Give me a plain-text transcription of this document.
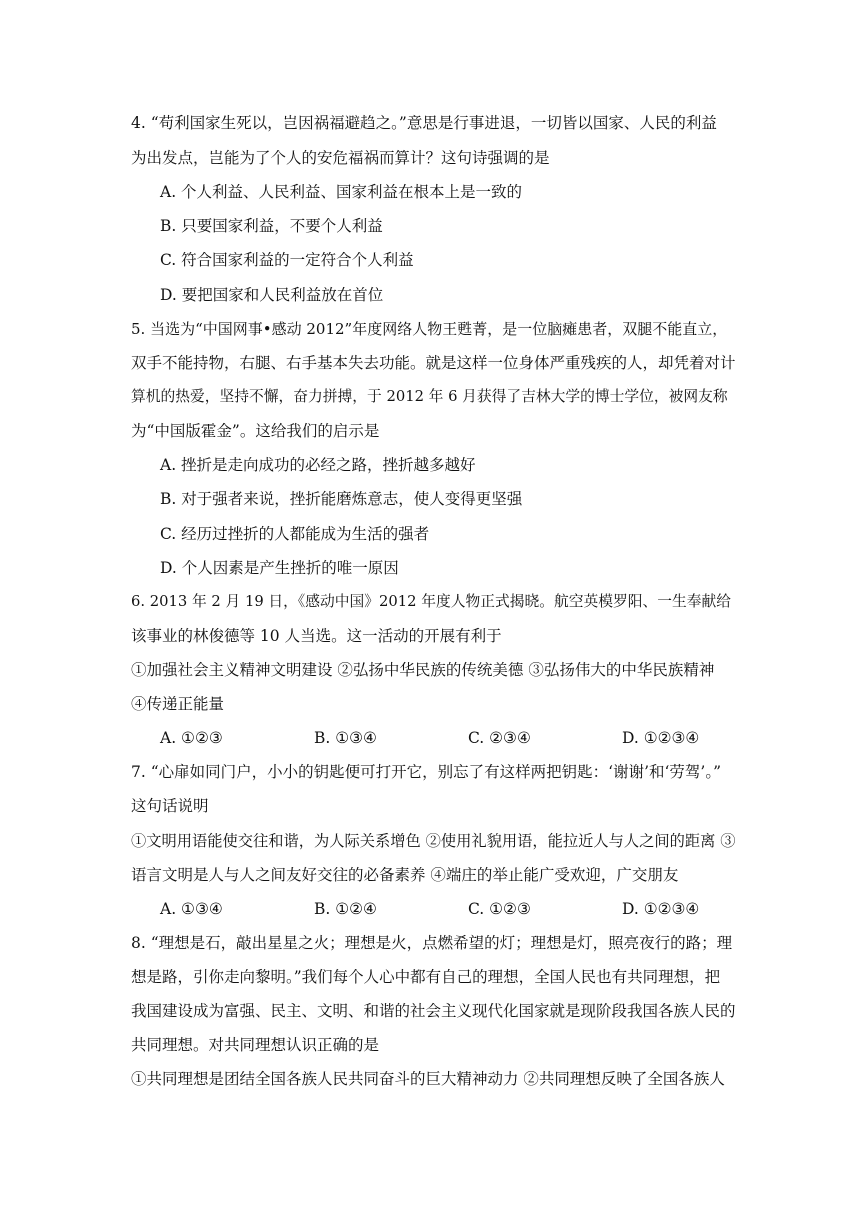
4. “苟利国家生死以，岂因祸福避趋之。”意思是行事进退，一切皆以国家、人民的利益
为出发点，岂能为了个人的安危福祸而算计？这句诗强调的是
A. 个人利益、人民利益、国家利益在根本上是一致的
B. 只要国家利益，不要个人利益
C. 符合国家利益的一定符合个人利益
D. 要把国家和人民利益放在首位
5. 当选为“中国网事•感动 2012”年度网络人物王甦菁，是一位脑瘫患者，双腿不能直立，
双手不能持物，右腿、右手基本失去功能。就是这样一位身体严重残疾的人，却凭着对计
算机的热爱，坚持不懈，奋力拼搏，于 2012 年 6 月获得了吉林大学的博士学位，被网友称
为“中国版霍金”。这给我们的启示是
A. 挫折是走向成功的必经之路，挫折越多越好
B. 对于强者来说，挫折能磨炼意志，使人变得更坚强
C. 经历过挫折的人都能成为生活的强者
D. 个人因素是产生挫折的唯一原因
6. 2013 年 2 月 19 日，《感动中国》2012 年度人物正式揭晓。航空英模罗阳、一生奉献给
该事业的林俊德等 10 人当选。这一活动的开展有利于
①加强社会主义精神文明建设 ②弘扬中华民族的传统美德 ③弘扬伟大的中华民族精神
④传递正能量
A. ①②③	B. ①③④	C. ②③④	D. ①②③④
7. “心扉如同门户，小小的钥匙便可打开它，别忘了有这样两把钥匙：‘谢谢’和‘劳驾’。”
这句话说明
①文明用语能使交往和谐，为人际关系增色 ②使用礼貌用语，能拉近人与人之间的距离 ③
语言文明是人与人之间友好交往的必备素养 ④端庄的举止能广受欢迎，广交朋友
A. ①③④	B. ①②④	C. ①②③	D. ①②③④
8. “理想是石，敲出星星之火；理想是火，点燃希望的灯；理想是灯，照亮夜行的路；理
想是路，引你走向黎明。”我们每个人心中都有自己的理想，全国人民也有共同理想，把
我国建设成为富强、民主、文明、和谐的社会主义现代化国家就是现阶段我国各族人民的
共同理想。对共同理想认识正确的是
①共同理想是团结全国各族人民共同奋斗的巨大精神动力 ②共同理想反映了全国各族人
